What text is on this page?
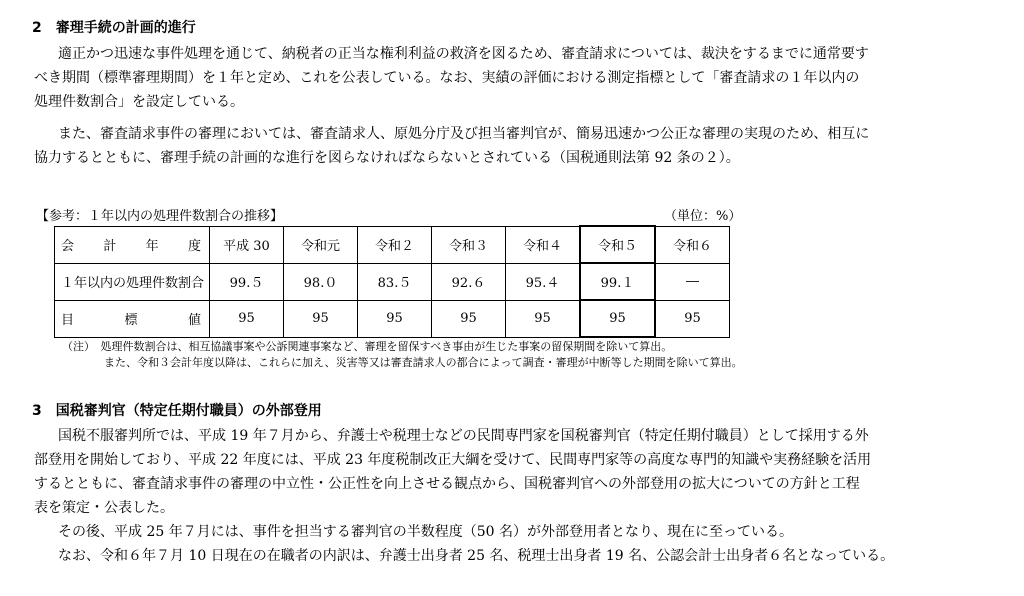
2　審理手続の計画的進行

適正かつ迅速な事件処理を通じて、納税者の正当な権利利益の救済を図るため、審査請求については、裁決をするまでに通常要す
べき期間（標準審理期間）を１年と定め、これを公表している。なお、実績の評価における測定指標として「審査請求の１年以内の
処理件数割合」を設定している。

また、審査請求事件の審理においては、審査請求人、原処分庁及び担当審判官が、簡易迅速かつ公正な審理の実現のため、相互に
協力するとともに、審理手続の計画的な進行を図らなければならないとされている（国税通則法第 92 条の２）。

【参考：１年以内の処理件数割合の推移】	（単位：%）
会 計 年 度	平成 30	令和元	令和２	令和３	令和４	令和５	令和６
１年以内の処理件数割合	99.５	98.０	83.５	92.６	95.４	99.１	―

目 標 値	95	95	95	95	95	95	95
（注）　処理件数割合は、相互協議事案や公訴関連事案など、審理を留保すべき事由が生じた事案の留保期間を除いて算出。
また、令和３会計年度以降は、これらに加え、災害等又は審査請求人の都合によって調査・審理が中断等した期間を除いて算出。
3　国税審判官（特定任期付職員）の外部登用

国税不服審判所では、平成 19 年７月から、弁護士や税理士などの民間専門家を国税審判官（特定任期付職員）として採用する外
部登用を開始しており、平成 22 年度には、平成 23 年度税制改正大綱を受けて、民間専門家等の高度な専門的知識や実務経験を活用
するとともに、審査請求事件の審理の中立性・公正性を向上させる観点から、国税審判官への外部登用の拡大についての方針と工程
表を策定・公表した。

その後、平成 25 年７月には、事件を担当する審判官の半数程度（50 名）が外部登用者となり、現在に至っている。

なお、令和６年７月 10 日現在の在職者の内訳は、弁護士出身者 25 名、税理士出身者 19 名、公認会計士出身者６名となっている。
